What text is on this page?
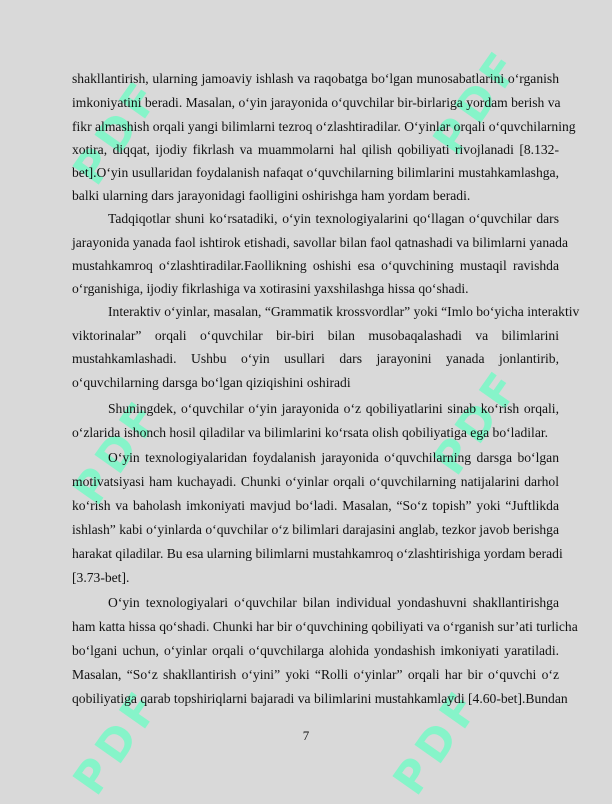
PDF	PDF
PDF	PDF
PDF	PDF
shakllantirish, ularning jamoaviy ishlash va raqobatga bo‘lgan munosabatlarini o‘rganish
imkoniyatini beradi. Masalan, o‘yin jarayonida o‘quvchilar bir-birlariga yordam berish va
fikr almashish orqali yangi bilimlarni tezroq o‘zlashtiradilar. O‘yinlar orqali o‘quvchilarning
xotira, diqqat, ijodiy fikrlash va muammolarni hal qilish qobiliyati rivojlanadi [8.132-
bet].O‘yin usullaridan foydalanish nafaqat o‘quvchilarning bilimlarini mustahkamlashga,
balki ularning dars jarayonidagi faolligini oshirishga ham yordam beradi.
Tadqiqotlar shuni ko‘rsatadiki, o‘yin texnologiyalarini qo‘llagan o‘quvchilar dars
jarayonida yanada faol ishtirok etishadi, savollar bilan faol qatnashadi va bilimlarni yanada
mustahkamroq o‘zlashtiradilar.Faollikning oshishi esa o‘quvchining mustaqil ravishda
o‘rganishiga, ijodiy fikrlashiga va xotirasini yaxshilashga hissa qo‘shadi.
Interaktiv o‘yinlar, masalan, “Grammatik krossvordlar” yoki “Imlo bo‘yicha interaktiv
viktorinalar” orqali o‘quvchilar bir-biri bilan musobaqalashadi va bilimlarini
mustahkamlashadi. Ushbu o‘yin usullari dars jarayonini yanada jonlantirib,
o‘quvchilarning darsga bo‘lgan qiziqishini oshiradi
Shuningdek, o‘quvchilar o‘yin jarayonida o‘z qobiliyatlarini sinab ko‘rish orqali,
o‘zlarida ishonch hosil qiladilar va bilimlarini ko‘rsata olish qobiliyatiga ega bo‘ladilar.
O‘yin texnologiyalaridan foydalanish jarayonida o‘quvchilarning darsga bo‘lgan
motivatsiyasi ham kuchayadi. Chunki o‘yinlar orqali o‘quvchilarning natijalarini darhol
ko‘rish va baholash imkoniyati mavjud bo‘ladi. Masalan, “So‘z topish” yoki “Juftlikda
ishlash” kabi o‘yinlarda o‘quvchilar o‘z bilimlari darajasini anglab, tezkor javob berishga
harakat qiladilar. Bu esa ularning bilimlarni mustahkamroq o‘zlashtirishiga yordam beradi
[3.73-bet].
O‘yin texnologiyalari o‘quvchilar bilan individual yondashuvni shakllantirishga
ham katta hissa qo‘shadi. Chunki har bir o‘quvchining qobiliyati va o‘rganish sur’ati turlicha
bo‘lgani uchun, o‘yinlar orqali o‘quvchilarga alohida yondashish imkoniyati yaratiladi.
Masalan, “So‘z shakllantirish o‘yini” yoki “Rolli o‘yinlar” orqali har bir o‘quvchi o‘z
qobiliyatiga qarab topshiriqlarni bajaradi va bilimlarini mustahkamlaydi [4.60-bet].Bundan
7
